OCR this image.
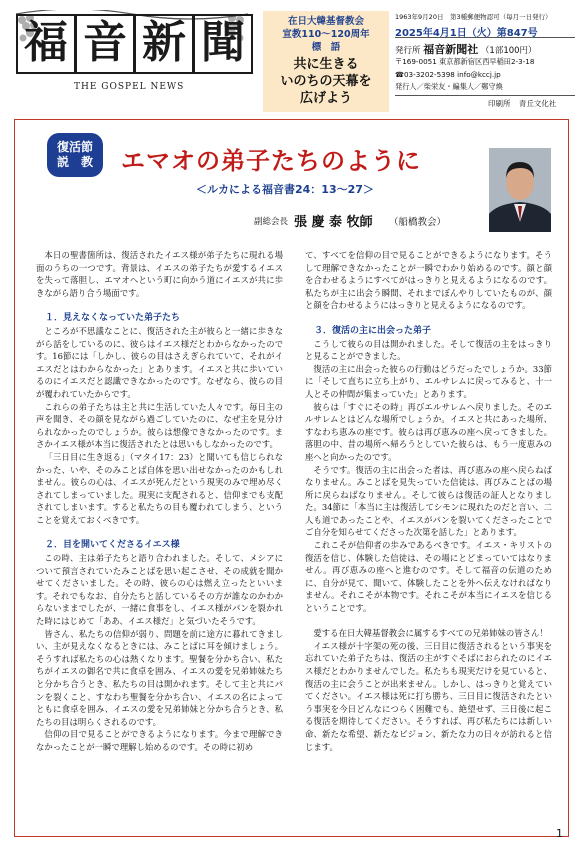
福 音 新 聞
THE GOSPEL NEWS
在日大韓基督教会
宣教110～120周年
標　語
共に生きる
いのちの天幕を
広げよう
1963年9月20日　第3種郵便物認可（毎月一日発行）
2025年4月1日（火）第847号
発行所 福音新聞社 （1部100円）
〒169-0051 東京都新宿区西早稲田2-3-18
☎03-3202-5398 info@kccj.jp
発行人／柴栄友・編集人／鄭守煥
印刷所 青丘文化社
復活節
説　教	エマオの弟子たちのように
＜ルカによる福音書24：13～27＞
副総会長 張 慶 泰 牧師 （船橋教会）

本日の聖書箇所は、復活されたイエス様が弟子たちに現れる場面のうちの一つです。背景は、イエスの弟子たちが愛するイエスを失って落胆し、エマオへという町に向かう道にイエスが共に歩きながら語り合う場面です。

１．見えなくなっていた弟子たち

ところが不思議なことに、復活された主が彼らと一緒に歩きながら話をしているのに、彼らはイエス様だとわからなかったのです。16節には「しかし、彼らの目はさえぎられていて、それがイエスだとはわからなかった」とあります。イエスと共に歩いているのにイエスだと認識できなかったのです。なぜなら、彼らの目が覆われていたからです。

これらの弟子たちは主と共に生活していた人々です。毎日主の声を聞き、その顔を見ながら過ごしていたのに、なぜ主を見分けられなかったのでしょうか。彼らは想像できなかったのです。まさかイエス様が本当に復活されたとは思いもしなかったのです。

「三日目に生き返る」（マタイ17：23）と聞いても信じられなかった、いや、そのみことば自体を思い出せなかったのかもしれません。彼らの心は、イエスが死んだという現実のみで埋め尽くされてしまっていました。現実に支配されると、信仰までも支配されてしまいます。すると私たちの目も覆われてしまう、ということを覚えておくべきです。

２．目を開いてくださるイエス様

この時、主は弟子たちと語り合われました。そして、メシアについて預言されていたみことばを思い起こさせ、その成就を聞かせてくださいました。その時、彼らの心は燃え立ったといいます。それでもなお、自分たちと話しているその方が誰なのかわからないままでしたが、一緒に食事をし、イエス様がパンを裂かれた時にはじめて「ああ、イエス様だ」と気づいたそうです。

皆さん、私たちの信仰が弱り、問題を前に途方に暮れてきましい、主が見えなくなるときには、みことばに耳を傾けましょう。そうすれば私たちの心は熱くなります。聖餐を分かち合い、私たちがイエスの御名で共に食卓を囲み、イエスの愛を兄弟姉妹たちと分かち合うとき、私たちの目は開かれます。そして主と共にパンを裂くこと、すなわち聖餐を分かち合い、イエスの名によってともに食卓を囲み、イエスの愛を兄弟姉妹と分かち合うとき、私たちの目は明らくされるのです。

信仰の目で見ることができるようになります。今まで理解できなかったことが一瞬で理解し始めるのです。その時に初め

て、すべてを信仰の目で見ることができるようになります。そうして理解できなかったことが一瞬でわかり始めるのです。顔と顔を合わせるようにすべてがはっきりと見えるようになるのです。私たちが主に出会う瞬間、それまでぼんやりしていたものが、顔と顔を合わせるようにはっきりと見えるようになるのです。

３．復活の主に出会った弟子

こうして彼らの目は開かれました。そして復活の主をはっきりと見ることができました。

復活の主に出会った彼らの行動はどうだったでしょうか。33節に「そして直ちに立ち上がり、エルサレムに戻ってみると、十一人とその仲間が集まっていた」とあります。

彼らは「すぐにその時」再びエルサレムへ戻りました。そのエルサレムとはどんな場所でしょうか。イエスと共にあった場所、すなわち恵みの座です。彼らは再び恵みの座へ戻ってきました。落胆の中、昔の場所へ帰ろうとしていた彼らは、もう一度恵みの座へと向かったのです。

そうです。復活の主に出会った者は、再び恵みの座へ戻らねばなりません。みことばを見失っていた信徒は、再びみことばの場所に戻らねばなりません。そして彼らは復活の証人となりました。34節に「本当に主は復活してシモンに現れたのだと言い、二人も道であったことや、イエスがパンを裂いてくださったことでご自分を知らせてくださった次第を話した」とあります。

これこそが信仰者の歩みであるべきです。イエス・キリストの復活を信じ、体験した信徒は、その場にとどまっていてはなりません。再び恵みの座へと進むのです。そして福音の伝道のために、自分が見て、聞いて、体験したことを外へ伝えなければなりません。それこそが本物です。それこそが本当にイエスを信じるということです。

愛する在日大韓基督教会に属するすべての兄弟姉妹の皆さん！

イエス様が十字架の死の後、三日目に復活されるという事実を忘れていた弟子たちは、復活の主がすぐそばにおられたのにイエス様だとわかりませんでした。私たちも現実だけを見ていると、復活の主に会うことが出来ません。しかし、はっきりと覚えていてください。イエス様は死に打ち勝ち、三日目に復活されたという事実を今日どんなにつらく困難でも、絶望せず、三日後に起こる復活を期待してください。そうすれば、再び私たちには新しい命、新たな希望、新たなビジョン、新たな力の日々が訪れると信じます。

1
